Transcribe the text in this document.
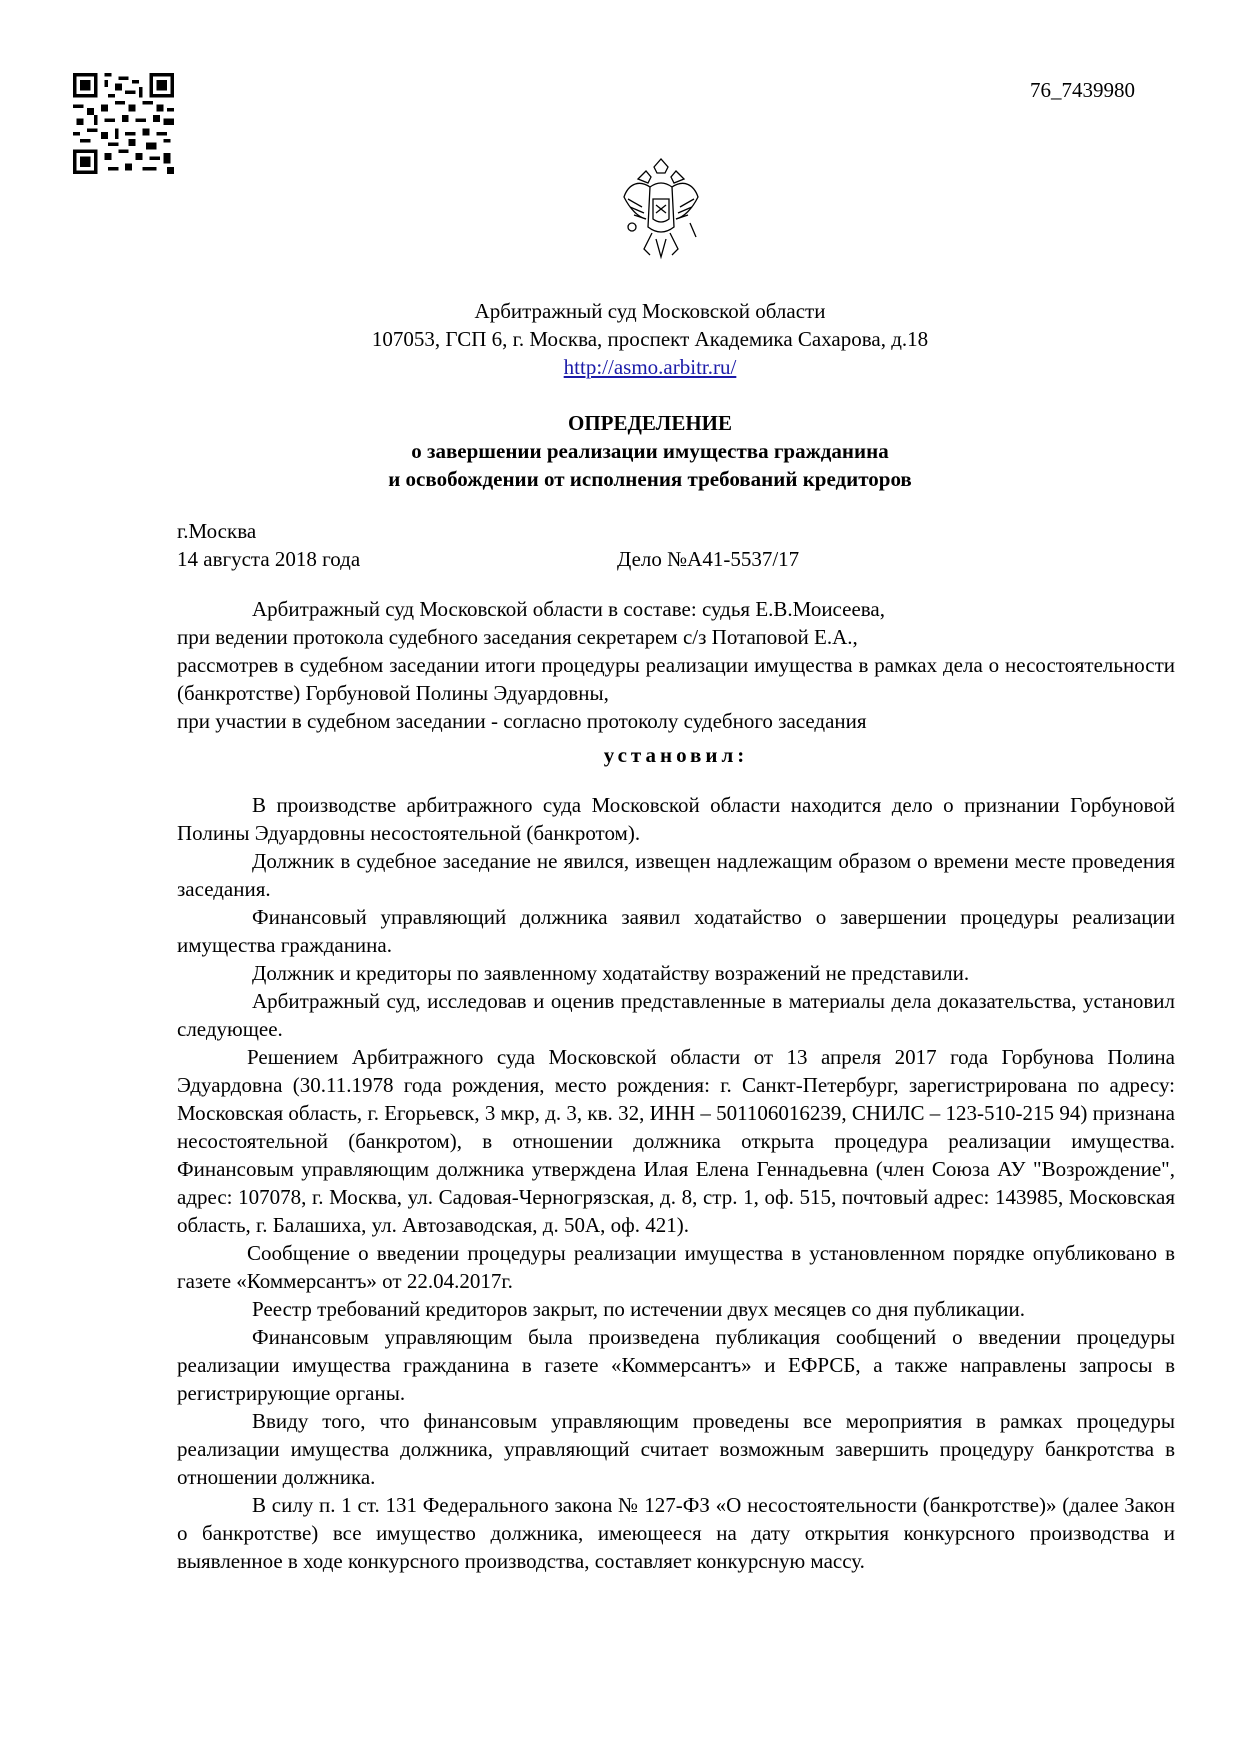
76_7439980
Арбитражный суд Московской области
107053, ГСП 6, г. Москва, проспект Академика Сахарова, д.18
http://asmo.arbitr.ru/
ОПРЕДЕЛЕНИЕ
о завершении реализации имущества гражданина
и освобождении от исполнения требований кредиторов
г.Москва
14 августа 2018 года	Дело №А41-5537/17

Арбитражный суд Московской области в составе: судья Е.В.Моисеева,

при ведении протокола судебного заседания секретарем с/з Потаповой Е.А.,

рассмотрев в судебном заседании итоги процедуры реализации имущества в рамках дела о несостоятельности (банкротстве) Горбуновой Полины Эдуардовны,

при участии в судебном заседании - согласно протоколу судебного заседания

установил:

В производстве арбитражного суда Московской области находится дело о признании Горбуновой Полины Эдуардовны несостоятельной (банкротом).

Должник в судебное заседание не явился, извещен надлежащим образом о времени месте проведения заседания.

Финансовый управляющий должника заявил ходатайство о завершении процедуры реализации имущества гражданина.

Должник и кредиторы по заявленному ходатайству возражений не представили.

Арбитражный суд, исследовав и оценив представленные в материалы дела доказательства, установил следующее.

Решением Арбитражного суда Московской области от 13 апреля 2017 года Горбунова Полина Эдуардовна (30.11.1978 года рождения, место рождения: г. Санкт-Петербург, зарегистрирована по адресу: Московская область, г. Егорьевск, 3 мкр, д. 3, кв. 32, ИНН – 501106016239, СНИЛС – 123-510-215 94) признана несостоятельной (банкротом), в отношении должника открыта процедура реализации имущества. Финансовым управляющим должника утверждена Илая Елена Геннадьевна (член Союза АУ "Возрождение", адрес: 107078, г. Москва, ул. Садовая-Черногрязская, д. 8, стр. 1, оф. 515, почтовый адрес: 143985, Московская область, г. Балашиха, ул. Автозаводская, д. 50А, оф. 421).

Сообщение о введении процедуры реализации имущества в установленном порядке опубликовано в газете «Коммерсантъ» от 22.04.2017г.

Реестр требований кредиторов закрыт, по истечении двух месяцев со дня публикации.

Финансовым управляющим была произведена публикация сообщений о введении процедуры реализации имущества гражданина в газете «Коммерсантъ» и ЕФРСБ, а также направлены запросы в регистрирующие органы.

Ввиду того, что финансовым управляющим проведены все мероприятия в рамках процедуры реализации имущества должника, управляющий считает возможным завершить процедуру банкротства в отношении должника.

В силу п. 1 ст. 131 Федерального закона № 127-ФЗ «О несостоятельности (банкротстве)» (далее Закон о банкротстве) все имущество должника, имеющееся на дату открытия конкурсного производства и выявленное в ходе конкурсного производства, составляет конкурсную массу.
